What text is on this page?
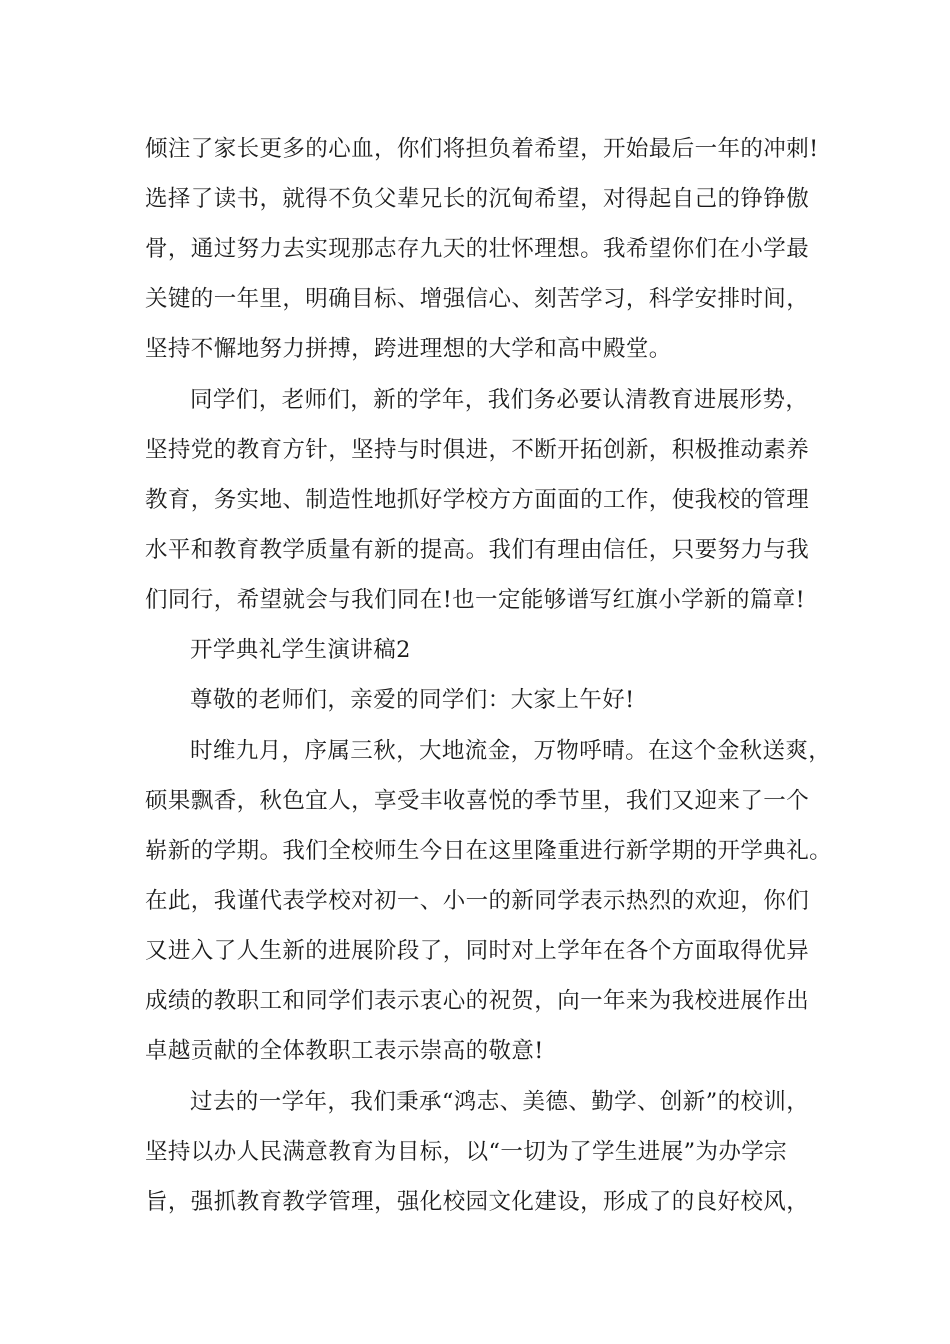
倾注了家长更多的心血，你们将担负着希望，开始最后一年的冲刺!
选择了读书，就得不负父辈兄长的沉甸希望，对得起自己的铮铮傲
骨，通过努力去实现那志存九天的壮怀理想。我希望你们在小学最
关键的一年里，明确目标、增强信心、刻苦学习，科学安排时间，
坚持不懈地努力拼搏，跨进理想的大学和高中殿堂。
同学们，老师们，新的学年，我们务必要认清教育进展形势，
坚持党的教育方针，坚持与时俱进，不断开拓创新，积极推动素养
教育，务实地、制造性地抓好学校方方面面的工作，使我校的管理
水平和教育教学质量有新的提高。我们有理由信任，只要努力与我
们同行，希望就会与我们同在!也一定能够谱写红旗小学新的篇章!
开学典礼学生演讲稿2
尊敬的老师们，亲爱的同学们：大家上午好!
时维九月，序属三秋，大地流金，万物呼晴。在这个金秋送爽，
硕果飘香，秋色宜人，享受丰收喜悦的季节里，我们又迎来了一个
崭新的学期。我们全校师生今日在这里隆重进行新学期的开学典礼。
在此，我谨代表学校对初一、小一的新同学表示热烈的欢迎，你们
又进入了人生新的进展阶段了，同时对上学年在各个方面取得优异
成绩的教职工和同学们表示衷心的祝贺，向一年来为我校进展作出
卓越贡献的全体教职工表示崇高的敬意!
过去的一学年，我们秉承“鸿志、美德、勤学、创新”的校训，
坚持以办人民满意教育为目标，以“一切为了学生进展”为办学宗
旨，强抓教育教学管理，强化校园文化建设，形成了的良好校风，
